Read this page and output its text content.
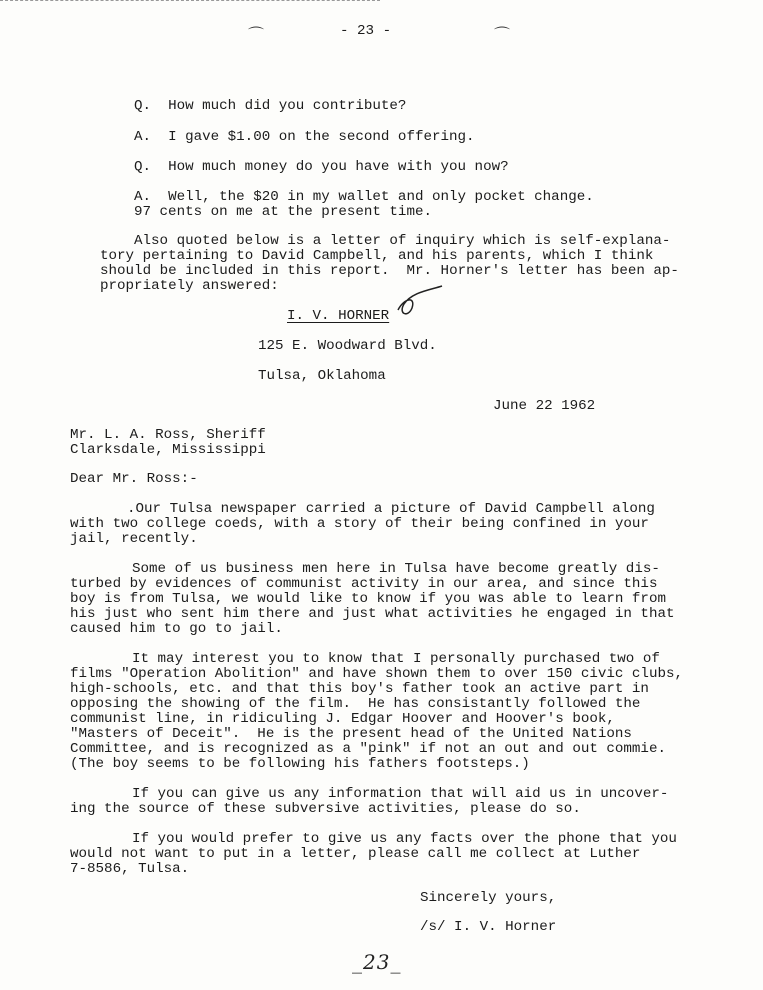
⌒	- 23 -	⌒
Q. How much did you contribute?
A. I gave $1.00 on the second offering.
Q. How much money do you have with you now?
A. Well, the $20 in my wallet and only pocket change.
97 cents on me at the present time.
Also quoted below is a letter of inquiry which is self-explana-
tory pertaining to David Campbell, and his parents, which I think
should be included in this report.  Mr. Horner's letter has been ap-
propriately answered:
I. V. HORNER
125 E. Woodward Blvd.
Tulsa, Oklahoma
June 22 1962
Mr. L. A. Ross, Sheriff
Clarksdale, Mississippi
Dear Mr. Ross:-
.Our Tulsa newspaper carried a picture of David Campbell along
with two college coeds, with a story of their being confined in your
jail, recently.
Some of us business men here in Tulsa have become greatly dis-
turbed by evidences of communist activity in our area, and since this
boy is from Tulsa, we would like to know if you was able to learn from
his just who sent him there and just what activities he engaged in that
caused him to go to jail.
It may interest you to know that I personally purchased two of
films "Operation Abolition" and have shown them to over 150 civic clubs,
high-schools, etc. and that this boy's father took an active part in
opposing the showing of the film.  He has consistantly followed the
communist line, in ridiculing J. Edgar Hoover and Hoover's book,
"Masters of Deceit".  He is the present head of the United Nations
Committee, and is recognized as a "pink" if not an out and out commie.
(The boy seems to be following his fathers footsteps.)
If you can give us any information that will aid us in uncover-
ing the source of these subversive activities, please do so.
If you would prefer to give us any facts over the phone that you
would not want to put in a letter, please call me collect at Luther
7-8586, Tulsa.
Sincerely yours,
/s/ I. V. Horner
_23_
